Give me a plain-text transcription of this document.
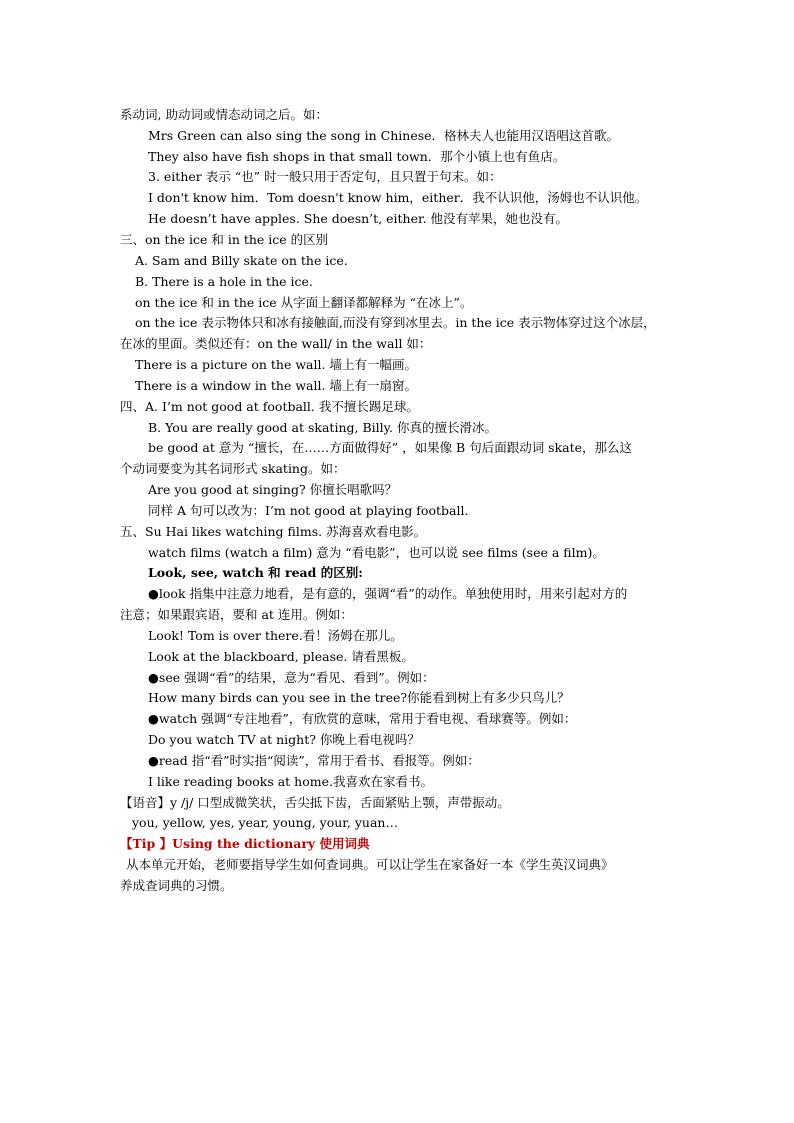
系动词, 助动词或情态动词之后。如：
Mrs Green can also sing the song in Chinese．格林夫人也能用汉语唱这首歌。
They also have fish shops in that small town．那个小镇上也有鱼店。
3. either 表示 “也” 时一般只用于否定句，且只置于句末。如：
I don't know him．Tom doesn't know him，either．我不认识他，汤姆也不认识他。
He doesn’t have apples. She doesn’t, either. 他没有苹果，她也没有。
三、on the ice 和 in the ice 的区别
A. Sam and Billy skate on the ice.
B. There is a hole in the ice.
on the ice 和 in the ice 从字面上翻译都解释为 “在冰上”。
on the ice 表示物体只和冰有接触面,而没有穿到冰里去。in the ice 表示物体穿过这个冰层，
在冰的里面。类似还有：on the wall/ in the wall 如：
There is a picture on the wall. 墙上有一幅画。
There is a window in the wall. 墙上有一扇窗。
四、A. I’m not good at football. 我不擅长踢足球。
B. You are really good at skating, Billy. 你真的擅长滑冰。
be good at 意为 “擅长，在……方面做得好” ，如果像 B 句后面跟动词 skate，那么这
个动词要变为其名词形式 skating。如：
Are you good at singing? 你擅长唱歌吗？
同样 A 句可以改为：I’m not good at playing football.
五、Su Hai likes watching films. 苏海喜欢看电影。
watch films (watch a film) 意为 “看电影”，也可以说 see films (see a film)。
Look, see, watch 和 read 的区别:
●look 指集中注意力地看，是有意的，强调“看”的动作。单独使用时，用来引起对方的
注意；如果跟宾语，要和 at 连用。例如：
Look! Tom is over there.看！汤姆在那儿。
Look at the blackboard, please. 请看黑板。
●see 强调“看”的结果，意为“看见、看到”。例如：
How many birds can you see in the tree?你能看到树上有多少只鸟儿？
●watch 强调“专注地看”，有欣赏的意味，常用于看电视、看球赛等。例如：
Do you watch TV at night? 你晚上看电视吗？
●read 指“看”时实指“阅读”，常用于看书、看报等。例如：
I like reading books at home.我喜欢在家看书。
【语音】y /j/ 口型成微笑状，舌尖抵下齿，舌面紧贴上颚，声带振动。
you, yellow, yes, year, young, your, yuan…
【Tip 】Using the dictionary 使用词典
从本单元开始，老师要指导学生如何查词典。可以让学生在家备好一本《学生英汉词典》
养成查词典的习惯。
